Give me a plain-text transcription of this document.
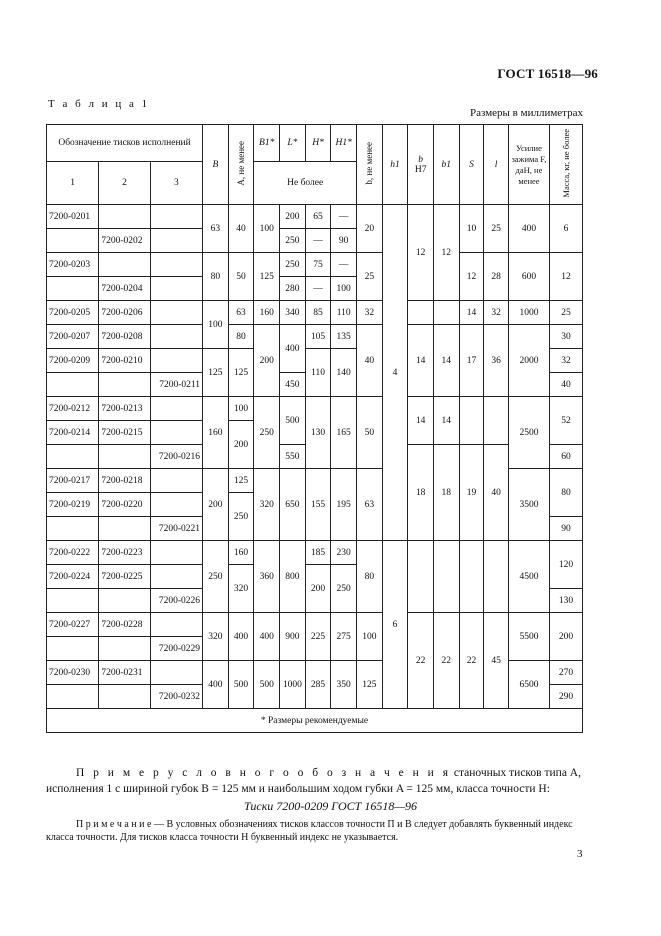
ГОСТ 16518—96
Т а б л и ц а 1
Размеры в миллиметрах
Обозначение тисков исполнений			B	A, не менее	B1*	L*	H*	H1*	b, не менее	h1	b
H7	b1	S	l	Усилие зажима F, даН, не менее	Масса, кг, не более
1	2	3			Не более											
7200-0201			63	40	100	200	65	—	20	4	12	12	10	25	400	6
	7200-0202					250	—	90								
7200-0203			80	50	125	250	75	—	25				12	28	600	12
	7200-0204					280	—	100								
7200-0205	7200-0206		100	63	160	340	85	110	32				14	32	1000	25
7200-0207	7200-0208			80	200	400	105	135	40		14	14	17	36	2000	30
7200-0209	7200-0210		125	125			110	140								32
		7200-0211				450										40
7200-0212	7200-0213		160	100	250	500	130	165	50		14	14			2500	52
7200-0214	7200-0215			200												
		7200-0216				550					18	18	19	40		60
7200-0217	7200-0218		200	125	320	650	155	195	63						3500	80
7200-0219	7200-0220			250												
		7200-0221														90
7200-0222	7200-0223		250	160	360	800	185	230	80	6					4500	120
7200-0224	7200-0225			320			200	250								
		7200-0226														130
7200-0227	7200-0228		320	400	400	900	225	275	100		22	22	22	45	5500	200
		7200-0229														
7200-0230	7200-0231		400	500	500	1000	285	350	125						6500	270
		7200-0232														290
* Размеры рекомендуемые																
П р и м е р у с л о в н о г о о б о з н а ч е н и я станочных тисков типа А, исполнения 1 с шириной губок B = 125 мм и наибольшим ходом губки A = 125 мм, класса точности Н:
Тиски 7200-0209 ГОСТ 16518—96
П р и м е ч а н и е — В условных обозначениях тисков классов точности П и В следует добавлять буквенный индекс класса точности. Для тисков класса точности Н буквенный индекс не указывается.
3
